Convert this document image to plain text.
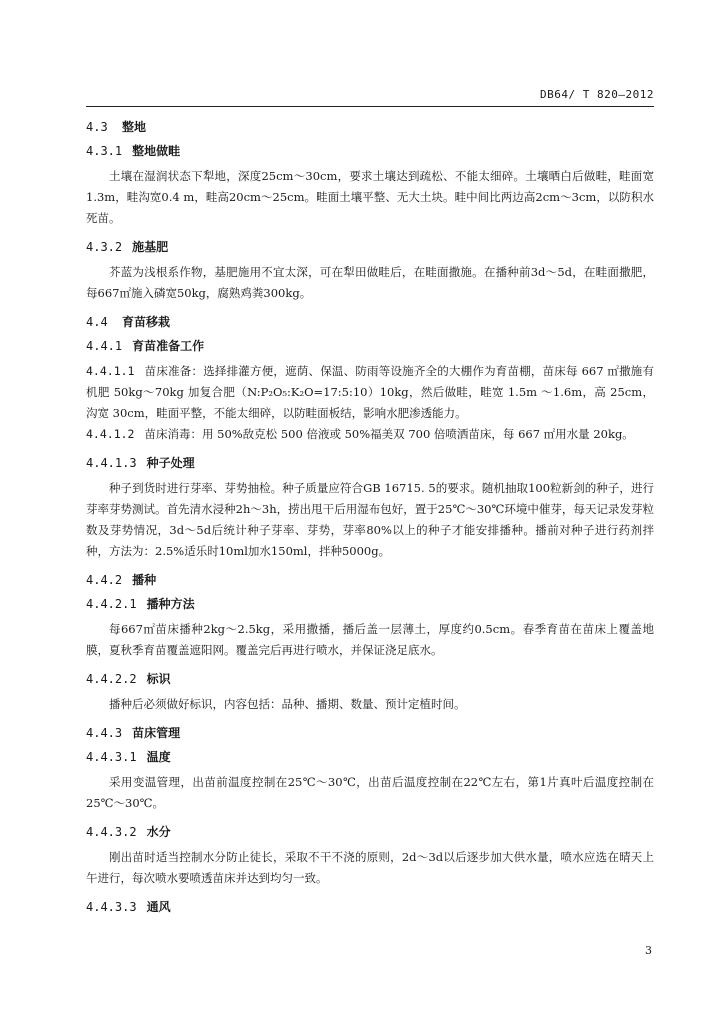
DB64/ T 820—2012

4.3 整地

4.3.1 整地做畦

土壤在湿润状态下犁地，深度25cm～30cm，要求土壤达到疏松、不能太细碎。土壤晒白后做畦，畦面宽1.3m，畦沟宽0.4 m，畦高20cm～25cm。畦面土壤平整、无大土块。畦中间比两边高2cm～3cm，以防积水死苗。

4.3.2 施基肥

芥蓝为浅根系作物，基肥施用不宜太深，可在犁田做畦后，在畦面撒施。在播种前3d～5d，在畦面撒肥，每667㎡施入磷宽50kg，腐熟鸡粪300kg。

4.4 育苗移栽

4.4.1 育苗准备工作

4.4.1.1 苗床准备：选择排灌方便，遮荫、保温、防雨等设施齐全的大棚作为育苗棚，苗床每 667 ㎡撒施有机肥 50kg～70kg 加复合肥（N:P₂O₅:K₂O=17:5:10）10kg，然后做畦，畦宽 1.5m ～1.6m，高 25cm，沟宽 30cm，畦面平整，不能太细碎，以防畦面板结，影响水肥渗透能力。

4.4.1.2 苗床消毒：用 50%敌克松 500 倍液或 50%福美双 700 倍喷洒苗床，每 667 ㎡用水量 20kg。

4.4.1.3 种子处理

种子到货时进行芽率、芽势抽检。种子质量应符合GB 16715. 5的要求。随机抽取100粒新剑的种子，进行芽率芽势测试。首先清水浸种2h～3h，捞出甩干后用湿布包好，置于25℃～30℃环境中催芽，每天记录发芽粒数及芽势情况，3d～5d后统计种子芽率、芽势，芽率80%以上的种子才能安排播种。播前对种子进行药剂拌种，方法为：2.5%适乐时10ml加水150ml，拌种5000g。

4.4.2 播种

4.4.2.1 播种方法

每667㎡苗床播种2kg～2.5kg，采用撒播，播后盖一层薄土，厚度约0.5cm。春季育苗在苗床上覆盖地膜，夏秋季育苗覆盖遮阳网。覆盖完后再进行喷水，并保证浇足底水。

4.4.2.2 标识

播种后必须做好标识，内容包括：品种、播期、数量、预计定植时间。

4.4.3 苗床管理

4.4.3.1 温度

采用变温管理，出苗前温度控制在25℃～30℃，出苗后温度控制在22℃左右，第1片真叶后温度控制在25℃～30℃。

4.4.3.2 水分

刚出苗时适当控制水分防止徒长，采取不干不浇的原则，2d～3d以后逐步加大供水量，喷水应选在晴天上午进行，每次喷水要喷透苗床并达到均匀一致。

4.4.3.3 通风

3
